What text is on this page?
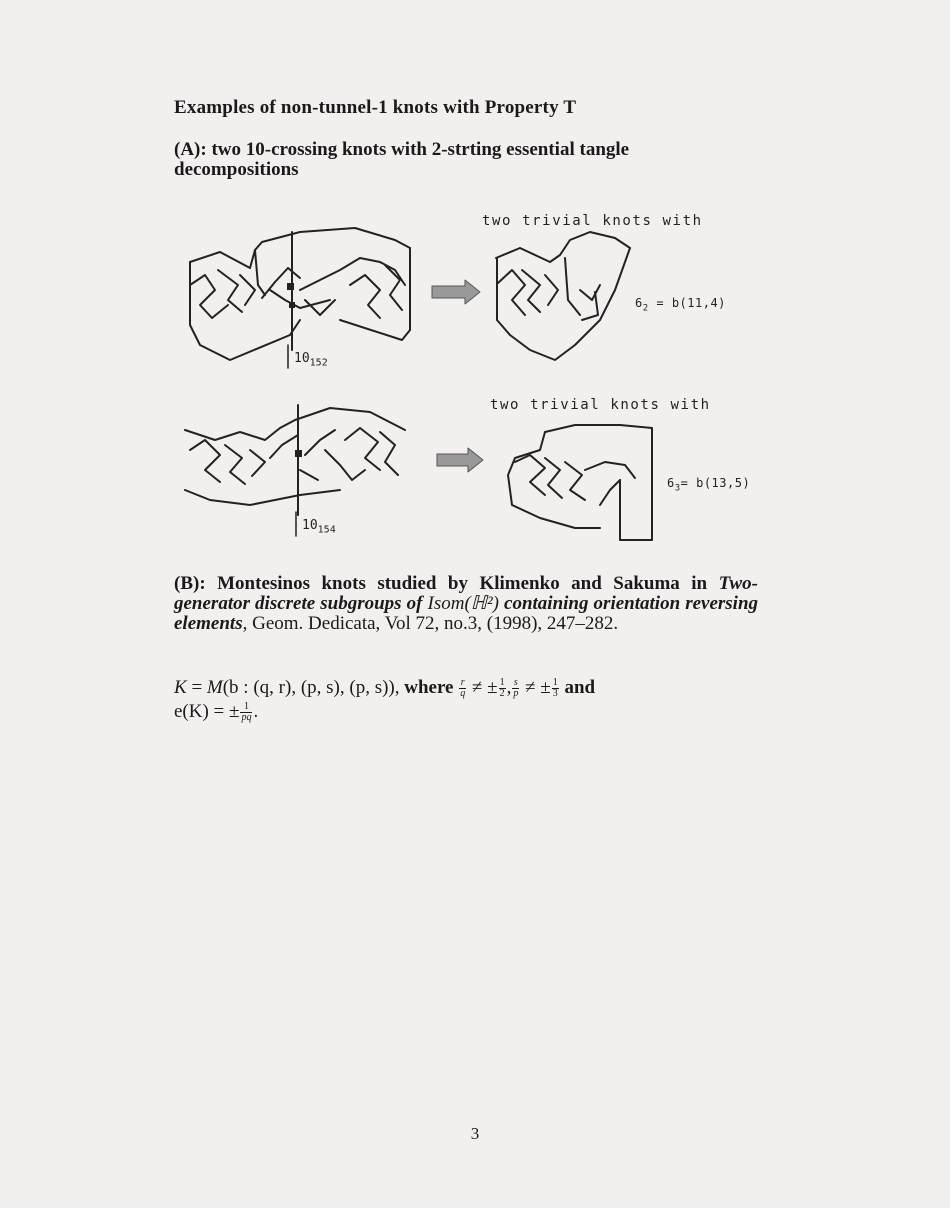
Examples of non-tunnel-1 knots with Property T
(A): two 10-crossing knots with 2-strting essential tangle decompositions
two trivial knots with
$10_{152}$
$6_2 = b(11,4)$
two trivial knots with
$10_{154}$
$6_3= b(13,5)$
(B): Montesinos knots studied by Klimenko and Sakuma in Two-generator discrete subgroups of Isom(ℍ²) containing orientation reversing elements, Geom. Dedicata, Vol 72, no.3, (1998), 247–282.
K = M(b : (q, r), (p, s), (p, s)), where $\frac{r}{q}$ ≠ ± $\frac{1}{2}$ , $\frac{s}{p}$ ≠ ± $\frac{1}{3}$ and
e(K) = ± $\frac{1}{pq}$ .
3
